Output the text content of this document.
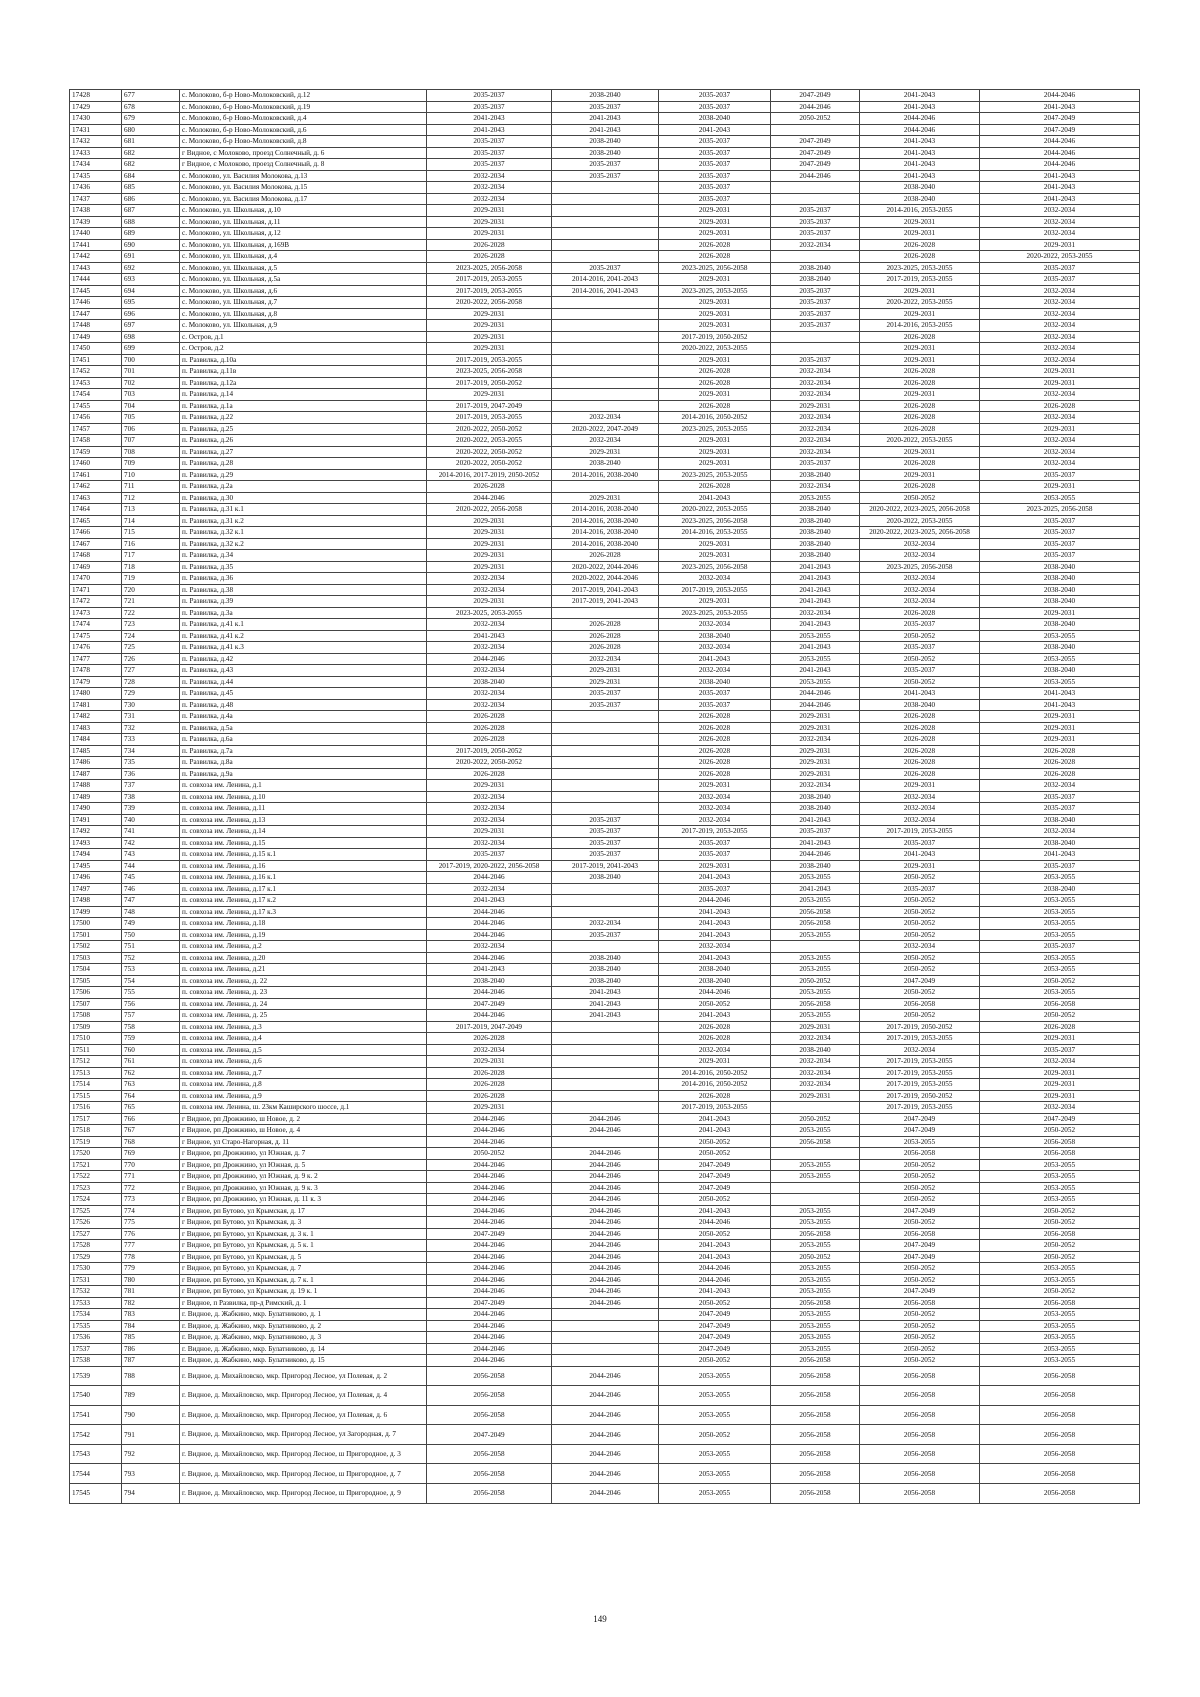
17428	677	с. Молоково, б-р Ново-Молоковский, д.12	2035-2037	2038-2040	2035-2037	2047-2049	2041-2043	2044-2046
17429	678	с. Молоково, б-р Ново-Молоковский, д.19	2035-2037	2035-2037	2035-2037	2044-2046	2041-2043	2041-2043
17430	679	с. Молоково, б-р Ново-Молоковский, д.4	2041-2043	2041-2043	2038-2040	2050-2052	2044-2046	2047-2049
17431	680	с. Молоково, б-р Ново-Молоковский, д.6	2041-2043	2041-2043	2041-2043		2044-2046	2047-2049
17432	681	с. Молоково, б-р Ново-Молоковский, д.8	2035-2037	2038-2040	2035-2037	2047-2049	2041-2043	2044-2046
17433	682	г Видное, с Молоково, проезд Солнечный, д. 6	2035-2037	2038-2040	2035-2037	2047-2049	2041-2043	2044-2046
17434	682	г Видное, с Молоково, проезд Солнечный, д. 8	2035-2037	2035-2037	2035-2037	2047-2049	2041-2043	2044-2046
17435	684	с. Молоково, ул. Василия Молокова, д.13	2032-2034	2035-2037	2035-2037	2044-2046	2041-2043	2041-2043
17436	685	с. Молоково, ул. Василия Молокова, д.15	2032-2034		2035-2037		2038-2040	2041-2043
17437	686	с. Молоково, ул. Василия Молокова, д.17	2032-2034		2035-2037		2038-2040	2041-2043
17438	687	с. Молоково, ул. Школьная, д.10	2029-2031		2029-2031	2035-2037	2014-2016, 2053-2055	2032-2034
17439	688	с. Молоково, ул. Школьная, д.11	2029-2031		2029-2031	2035-2037	2029-2031	2032-2034
17440	689	с. Молоково, ул. Школьная, д.12	2029-2031		2029-2031	2035-2037	2029-2031	2032-2034
17441	690	с. Молоково, ул. Школьная, д.169В	2026-2028		2026-2028	2032-2034	2026-2028	2029-2031
17442	691	с. Молоково, ул. Школьная, д.4	2026-2028		2026-2028		2026-2028	2020-2022, 2053-2055
17443	692	с. Молоково, ул. Школьная, д.5	2023-2025, 2056-2058	2035-2037	2023-2025, 2056-2058	2038-2040	2023-2025, 2053-2055	2035-2037
17444	693	с. Молоково, ул. Школьная, д.5а	2017-2019, 2053-2055	2014-2016, 2041-2043	2029-2031	2038-2040	2017-2019, 2053-2055	2035-2037
17445	694	с. Молоково, ул. Школьная, д.6	2017-2019, 2053-2055	2014-2016, 2041-2043	2023-2025, 2053-2055	2035-2037	2029-2031	2032-2034
17446	695	с. Молоково, ул. Школьная, д.7	2020-2022, 2056-2058		2029-2031	2035-2037	2020-2022, 2053-2055	2032-2034
17447	696	с. Молоково, ул. Школьная, д.8	2029-2031		2029-2031	2035-2037	2029-2031	2032-2034
17448	697	с. Молоково, ул. Школьная, д.9	2029-2031		2029-2031	2035-2037	2014-2016, 2053-2055	2032-2034
17449	698	с. Остров, д.1	2029-2031		2017-2019, 2050-2052		2026-2028	2032-2034
17450	699	с. Остров, д.2	2029-2031		2020-2022, 2053-2055		2029-2031	2032-2034
17451	700	п. Развилка, д.10а	2017-2019, 2053-2055		2029-2031	2035-2037	2029-2031	2032-2034
17452	701	п. Развилка, д.11в	2023-2025, 2056-2058		2026-2028	2032-2034	2026-2028	2029-2031
17453	702	п. Развилка, д.12а	2017-2019, 2050-2052		2026-2028	2032-2034	2026-2028	2029-2031
17454	703	п. Развилка, д.14	2029-2031		2029-2031	2032-2034	2029-2031	2032-2034
17455	704	п. Развилка, д.1а	2017-2019, 2047-2049		2026-2028	2029-2031	2026-2028	2026-2028
17456	705	п. Развилка, д.22	2017-2019, 2053-2055	2032-2034	2014-2016, 2050-2052	2032-2034	2026-2028	2032-2034
17457	706	п. Развилка, д.25	2020-2022, 2050-2052	2020-2022, 2047-2049	2023-2025, 2053-2055	2032-2034	2026-2028	2029-2031
17458	707	п. Развилка, д.26	2020-2022, 2053-2055	2032-2034	2029-2031	2032-2034	2020-2022, 2053-2055	2032-2034
17459	708	п. Развилка, д.27	2020-2022, 2050-2052	2029-2031	2029-2031	2032-2034	2029-2031	2032-2034
17460	709	п. Развилка, д.28	2020-2022, 2050-2052	2038-2040	2029-2031	2035-2037	2026-2028	2032-2034
17461	710	п. Развилка, д.29	2014-2016, 2017-2019, 2050-2052	2014-2016, 2038-2040	2023-2025, 2053-2055	2038-2040	2029-2031	2035-2037
17462	711	п. Развилка, д.2а	2026-2028		2026-2028	2032-2034	2026-2028	2029-2031
17463	712	п. Развилка, д.30	2044-2046	2029-2031	2041-2043	2053-2055	2050-2052	2053-2055
17464	713	п. Развилка, д.31 к.1	2020-2022, 2056-2058	2014-2016, 2038-2040	2020-2022, 2053-2055	2038-2040	2020-2022, 2023-2025, 2056-2058	2023-2025, 2056-2058
17465	714	п. Развилка, д.31 к.2	2029-2031	2014-2016, 2038-2040	2023-2025, 2056-2058	2038-2040	2020-2022, 2053-2055	2035-2037
17466	715	п. Развилка, д.32 к.1	2029-2031	2014-2016, 2038-2040	2014-2016, 2053-2055	2038-2040	2020-2022, 2023-2025, 2056-2058	2035-2037
17467	716	п. Развилка, д.32 к.2	2029-2031	2014-2016, 2038-2040	2029-2031	2038-2040	2032-2034	2035-2037
17468	717	п. Развилка, д.34	2029-2031	2026-2028	2029-2031	2038-2040	2032-2034	2035-2037
17469	718	п. Развилка, д.35	2029-2031	2020-2022, 2044-2046	2023-2025, 2056-2058	2041-2043	2023-2025, 2056-2058	2038-2040
17470	719	п. Развилка, д.36	2032-2034	2020-2022, 2044-2046	2032-2034	2041-2043	2032-2034	2038-2040
17471	720	п. Развилка, д.38	2032-2034	2017-2019, 2041-2043	2017-2019, 2053-2055	2041-2043	2032-2034	2038-2040
17472	721	п. Развилка, д.39	2029-2031	2017-2019, 2041-2043	2029-2031	2041-2043	2032-2034	2038-2040
17473	722	п. Развилка, д.3а	2023-2025, 2053-2055		2023-2025, 2053-2055	2032-2034	2026-2028	2029-2031
17474	723	п. Развилка, д.41 к.1	2032-2034	2026-2028	2032-2034	2041-2043	2035-2037	2038-2040
17475	724	п. Развилка, д.41 к.2	2041-2043	2026-2028	2038-2040	2053-2055	2050-2052	2053-2055
17476	725	п. Развилка, д.41 к.3	2032-2034	2026-2028	2032-2034	2041-2043	2035-2037	2038-2040
17477	726	п. Развилка, д.42	2044-2046	2032-2034	2041-2043	2053-2055	2050-2052	2053-2055
17478	727	п. Развилка, д.43	2032-2034	2029-2031	2032-2034	2041-2043	2035-2037	2038-2040
17479	728	п. Развилка, д.44	2038-2040	2029-2031	2038-2040	2053-2055	2050-2052	2053-2055
17480	729	п. Развилка, д.45	2032-2034	2035-2037	2035-2037	2044-2046	2041-2043	2041-2043
17481	730	п. Развилка, д.48	2032-2034	2035-2037	2035-2037	2044-2046	2038-2040	2041-2043
17482	731	п. Развилка, д.4а	2026-2028		2026-2028	2029-2031	2026-2028	2029-2031
17483	732	п. Развилка, д.5а	2026-2028		2026-2028	2029-2031	2026-2028	2029-2031
17484	733	п. Развилка, д.6а	2026-2028		2026-2028	2032-2034	2026-2028	2029-2031
17485	734	п. Развилка, д.7а	2017-2019, 2050-2052		2026-2028	2029-2031	2026-2028	2026-2028
17486	735	п. Развилка, д.8а	2020-2022, 2050-2052		2026-2028	2029-2031	2026-2028	2026-2028
17487	736	п. Развилка, д.9а	2026-2028		2026-2028	2029-2031	2026-2028	2026-2028
17488	737	п. совхоза им. Ленина, д.1	2029-2031		2029-2031	2032-2034	2029-2031	2032-2034
17489	738	п. совхоза им. Ленина, д.10	2032-2034		2032-2034	2038-2040	2032-2034	2035-2037
17490	739	п. совхоза им. Ленина, д.11	2032-2034		2032-2034	2038-2040	2032-2034	2035-2037
17491	740	п. совхоза им. Ленина, д.13	2032-2034	2035-2037	2032-2034	2041-2043	2032-2034	2038-2040
17492	741	п. совхоза им. Ленина, д.14	2029-2031	2035-2037	2017-2019, 2053-2055	2035-2037	2017-2019, 2053-2055	2032-2034
17493	742	п. совхоза им. Ленина, д.15	2032-2034	2035-2037	2035-2037	2041-2043	2035-2037	2038-2040
17494	743	п. совхоза им. Ленина, д.15 к.1	2035-2037	2035-2037	2035-2037	2044-2046	2041-2043	2041-2043
17495	744	п. совхоза им. Ленина, д.16	2017-2019, 2020-2022, 2056-2058	2017-2019, 2041-2043	2029-2031	2038-2040	2029-2031	2035-2037
17496	745	п. совхоза им. Ленина, д.16 к.1	2044-2046	2038-2040	2041-2043	2053-2055	2050-2052	2053-2055
17497	746	п. совхоза им. Ленина, д.17 к.1	2032-2034		2035-2037	2041-2043	2035-2037	2038-2040
17498	747	п. совхоза им. Ленина, д.17 к.2	2041-2043		2044-2046	2053-2055	2050-2052	2053-2055
17499	748	п. совхоза им. Ленина, д.17 к.3	2044-2046		2041-2043	2056-2058	2050-2052	2053-2055
17500	749	п. совхоза им. Ленина, д.18	2044-2046	2032-2034	2041-2043	2056-2058	2050-2052	2053-2055
17501	750	п. совхоза им. Ленина, д.19	2044-2046	2035-2037	2041-2043	2053-2055	2050-2052	2053-2055
17502	751	п. совхоза им. Ленина, д.2	2032-2034		2032-2034		2032-2034	2035-2037
17503	752	п. совхоза им. Ленина, д.20	2044-2046	2038-2040	2041-2043	2053-2055	2050-2052	2053-2055
17504	753	п. совхоза им. Ленина, д.21	2041-2043	2038-2040	2038-2040	2053-2055	2050-2052	2053-2055
17505	754	п. совхоза им. Ленина, д. 22	2038-2040	2038-2040	2038-2040	2050-2052	2047-2049	2050-2052
17506	755	п. совхоза им. Ленина, д. 23	2044-2046	2041-2043	2044-2046	2053-2055	2050-2052	2053-2055
17507	756	п. совхоза им. Ленина, д. 24	2047-2049	2041-2043	2050-2052	2056-2058	2056-2058	2056-2058
17508	757	п. совхоза им. Ленина, д. 25	2044-2046	2041-2043	2041-2043	2053-2055	2050-2052	2050-2052
17509	758	п. совхоза им. Ленина, д.3	2017-2019, 2047-2049		2026-2028	2029-2031	2017-2019, 2050-2052	2026-2028
17510	759	п. совхоза им. Ленина, д.4	2026-2028		2026-2028	2032-2034	2017-2019, 2053-2055	2029-2031
17511	760	п. совхоза им. Ленина, д.5	2032-2034		2032-2034	2038-2040	2032-2034	2035-2037
17512	761	п. совхоза им. Ленина, д.6	2029-2031		2029-2031	2032-2034	2017-2019, 2053-2055	2032-2034
17513	762	п. совхоза им. Ленина, д.7	2026-2028		2014-2016, 2050-2052	2032-2034	2017-2019, 2053-2055	2029-2031
17514	763	п. совхоза им. Ленина, д.8	2026-2028		2014-2016, 2050-2052	2032-2034	2017-2019, 2053-2055	2029-2031
17515	764	п. совхоза им. Ленина, д.9	2026-2028		2026-2028	2029-2031	2017-2019, 2050-2052	2029-2031
17516	765	п. совхоза им. Ленина, ш. 23км Каширского шоссе, д.1	2029-2031		2017-2019, 2053-2055		2017-2019, 2053-2055	2032-2034
17517	766	г Видное, рп Дрожжино, ш Новое, д. 2	2044-2046	2044-2046	2041-2043	2050-2052	2047-2049	2047-2049
17518	767	г Видное, рп Дрожжино, ш Новое, д. 4	2044-2046	2044-2046	2041-2043	2053-2055	2047-2049	2050-2052
17519	768	г Видное, ул Старо-Нагорная, д. 11	2044-2046		2050-2052	2056-2058	2053-2055	2056-2058
17520	769	г Видное, рп Дрожжино, ул Южная, д. 7	2050-2052	2044-2046	2050-2052		2056-2058	2056-2058
17521	770	г Видное, рп Дрожжино, ул Южная, д. 5	2044-2046	2044-2046	2047-2049	2053-2055	2050-2052	2053-2055
17522	771	г Видное, рп Дрожжино, ул Южная, д. 9 к. 2	2044-2046	2044-2046	2047-2049	2053-2055	2050-2052	2053-2055
17523	772	г Видное, рп Дрожжино, ул Южная, д. 9 к. 3	2044-2046	2044-2046	2047-2049		2050-2052	2053-2055
17524	773	г Видное, рп Дрожжино, ул Южная, д. 11 к. 3	2044-2046	2044-2046	2050-2052		2050-2052	2053-2055
17525	774	г Видное, рп Бутово, ул Крымская, д. 17	2044-2046	2044-2046	2041-2043	2053-2055	2047-2049	2050-2052
17526	775	г Видное, рп Бутово, ул Крымская, д. 3	2044-2046	2044-2046	2044-2046	2053-2055	2050-2052	2050-2052
17527	776	г Видное, рп Бутово, ул Крымская, д. 3 к. 1	2047-2049	2044-2046	2050-2052	2056-2058	2056-2058	2056-2058
17528	777	г Видное, рп Бутово, ул Крымская, д. 5 к. 1	2044-2046	2044-2046	2041-2043	2053-2055	2047-2049	2050-2052
17529	778	г Видное, рп Бутово, ул Крымская, д. 5	2044-2046	2044-2046	2041-2043	2050-2052	2047-2049	2050-2052
17530	779	г Видное, рп Бутово, ул Крымская, д. 7	2044-2046	2044-2046	2044-2046	2053-2055	2050-2052	2053-2055
17531	780	г Видное, рп Бутово, ул Крымская, д. 7 к. 1	2044-2046	2044-2046	2044-2046	2053-2055	2050-2052	2053-2055
17532	781	г Видное, рп Бутово, ул Крымская, д. 19 к. 1	2044-2046	2044-2046	2041-2043	2053-2055	2047-2049	2050-2052
17533	782	г Видное, п Развилка, пр-д Римский, д. 1	2047-2049	2044-2046	2050-2052	2056-2058	2056-2058	2056-2058
17534	783	г. Видное, д. Жабкино, мкр. Булатниково, д. 1	2044-2046		2047-2049	2053-2055	2050-2052	2053-2055
17535	784	г. Видное, д. Жабкино, мкр. Булатниково, д. 2	2044-2046		2047-2049	2053-2055	2050-2052	2053-2055
17536	785	г. Видное, д. Жабкино, мкр. Булатниково, д. 3	2044-2046		2047-2049	2053-2055	2050-2052	2053-2055
17537	786	г. Видное, д. Жабкино, мкр. Булатниково, д. 14	2044-2046		2047-2049	2053-2055	2050-2052	2053-2055
17538	787	г. Видное, д. Жабкино, мкр. Булатниково, д. 15	2044-2046		2050-2052	2056-2058	2050-2052	2053-2055
17539	788	г. Видное, д. Михайловско, мкр. Пригород Лесное, ул Полевая, д. 2	2056-2058	2044-2046	2053-2055	2056-2058	2056-2058	2056-2058
17540	789	г. Видное, д. Михайловско, мкр. Пригород Лесное, ул Полевая, д. 4	2056-2058	2044-2046	2053-2055	2056-2058	2056-2058	2056-2058
17541	790	г. Видное, д. Михайловско, мкр. Пригород Лесное, ул Полевая, д. 6	2056-2058	2044-2046	2053-2055	2056-2058	2056-2058	2056-2058
17542	791	г. Видное, д. Михайловско, мкр. Пригород Лесное, ул Загородная, д. 7	2047-2049	2044-2046	2050-2052	2056-2058	2056-2058	2056-2058
17543	792	г. Видное, д. Михайловско, мкр. Пригород Лесное, ш Пригородное, д. 3	2056-2058	2044-2046	2053-2055	2056-2058	2056-2058	2056-2058
17544	793	г. Видное, д. Михайловско, мкр. Пригород Лесное, ш Пригородное, д. 7	2056-2058	2044-2046	2053-2055	2056-2058	2056-2058	2056-2058
17545	794	г. Видное, д. Михайловско, мкр. Пригород Лесное, ш Пригородное, д. 9	2056-2058	2044-2046	2053-2055	2056-2058	2056-2058	2056-2058
149
